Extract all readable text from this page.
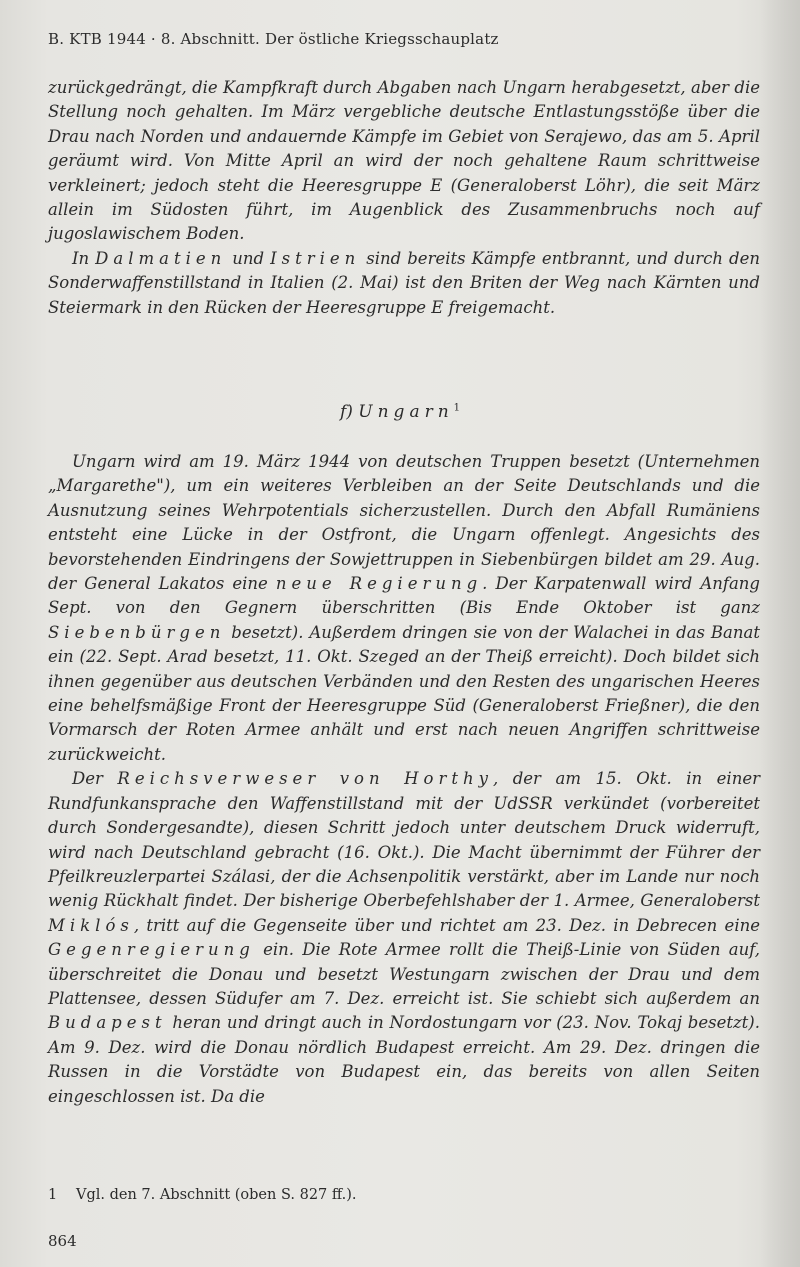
B. KTB 1944 · 8. Abschnitt. Der östliche Kriegsschauplatz

zurückgedrängt, die Kampfkraft durch Abgaben nach Ungarn herabgesetzt, aber die Stellung noch gehalten. Im März vergebliche deutsche Entlastungsstöße über die Drau nach Norden und andauernde Kämpfe im Gebiet von Serajewo, das am 5. April geräumt wird. Von Mitte April an wird der noch gehaltene Raum schrittweise verkleinert; jedoch steht die Heeresgruppe E (Generaloberst Löhr), die seit März allein im Südosten führt, im Augenblick des Zusammenbruchs noch auf jugoslawischem Boden.

In Dalmatien und Istrien sind bereits Kämpfe entbrannt, und durch den Sonderwaffenstillstand in Italien (2. Mai) ist den Briten der Weg nach Kärnten und Steiermark in den Rücken der Heeresgruppe E freigemacht.

f) Ungarn$^1$

Ungarn wird am 19. März 1944 von deutschen Truppen besetzt (Unternehmen „Margarethe"), um ein weiteres Verbleiben an der Seite Deutschlands und die Ausnutzung seines Wehrpotentials sicherzustellen. Durch den Abfall Rumäniens entsteht eine Lücke in der Ostfront, die Ungarn offenlegt. Angesichts des bevorstehenden Eindringens der Sowjettruppen in Siebenbürgen bildet am 29. Aug. der General Lakatos eine neue Regierung. Der Karpatenwall wird Anfang Sept. von den Gegnern überschritten (Bis Ende Oktober ist ganz Siebenbürgen besetzt). Außerdem dringen sie von der Walachei in das Banat ein (22. Sept. Arad besetzt, 11. Okt. Szeged an der Theiß erreicht). Doch bildet sich ihnen gegenüber aus deutschen Verbänden und den Resten des ungarischen Heeres eine behelfsmäßige Front der Heeresgruppe Süd (Generaloberst Frießner), die den Vormarsch der Roten Armee anhält und erst nach neuen Angriffen schrittweise zurückweicht.

Der Reichsverweser von Horthy, der am 15. Okt. in einer Rundfunkansprache den Waffenstillstand mit der UdSSR verkündet (vorbereitet durch Sondergesandte), diesen Schritt jedoch unter deutschem Druck widerruft, wird nach Deutschland gebracht (16. Okt.). Die Macht übernimmt der Führer der Pfeilkreuzlerpartei Szálasi, der die Achsenpolitik verstärkt, aber im Lande nur noch wenig Rückhalt findet. Der bisherige Oberbefehlshaber der 1. Armee, Generaloberst Miklós, tritt auf die Gegenseite über und richtet am 23. Dez. in Debrecen eine Gegenregierung ein. Die Rote Armee rollt die Theiß-Linie von Süden auf, überschreitet die Donau und besetzt Westungarn zwischen der Drau und dem Plattensee, dessen Südufer am 7. Dez. erreicht ist. Sie schiebt sich außerdem an Budapest heran und dringt auch in Nordostungarn vor (23. Nov. Tokaj besetzt). Am 9. Dez. wird die Donau nördlich Budapest erreicht. Am 29. Dez. dringen die Russen in die Vorstädte von Budapest ein, das bereits von allen Seiten eingeschlossen ist. Da die

1 Vgl. den 7. Abschnitt (oben S. 827 ff.).
864
